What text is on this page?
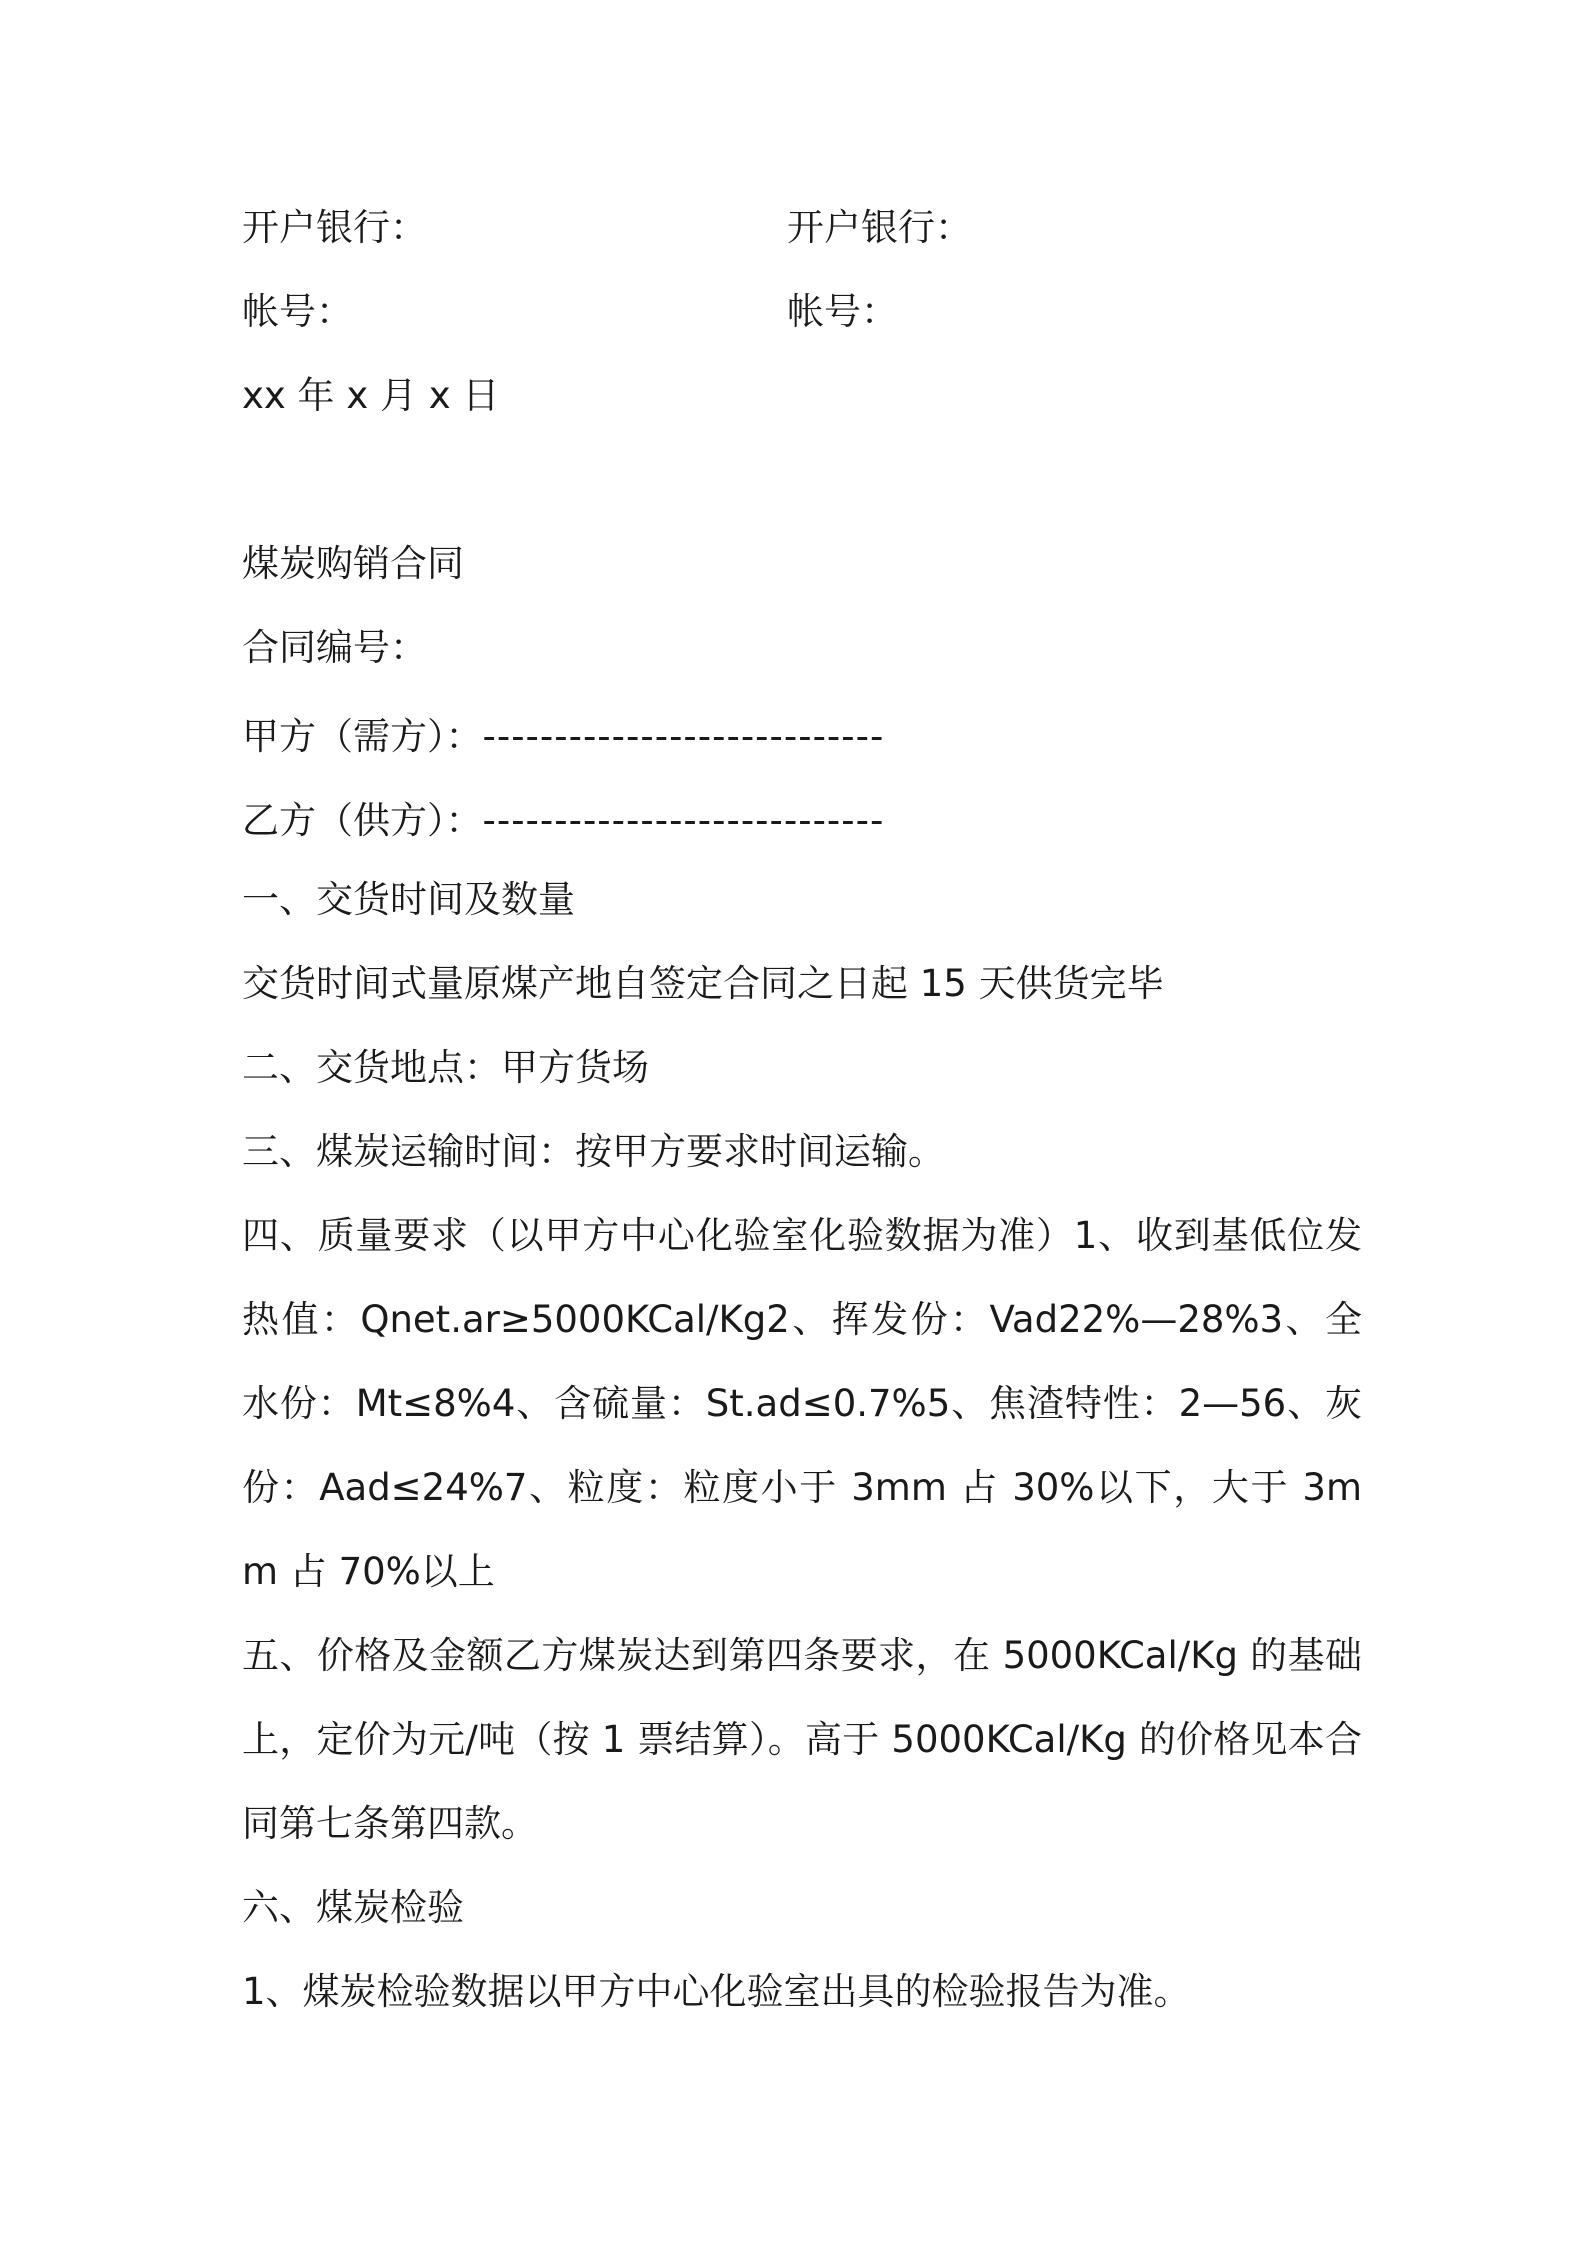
开户银行：	开户银行：
帐号：	帐号：
xx 年 x 月 x 日
煤炭购销合同
合同编号：
甲方（需方）：----------------------------
乙方（供方）：----------------------------
一、交货时间及数量
交货时间式量原煤产地自签定合同之日起 15 天供货完毕
二、交货地点：甲方货场
三、煤炭运输时间：按甲方要求时间运输。
四、质量要求（以甲方中心化验室化验数据为准）1、收到基低位发热值：Qnet.ar≥5000KCal/Kg2、挥发份：Vad22%—28%3、全水份：Mt≤8%4、含硫量：St.ad≤0.7%5、焦渣特性：2—56、灰份：Aad≤24%7、粒度：粒度小于 3mm 占 30%以下，大于 3mm 占 70%以上
五、价格及金额乙方煤炭达到第四条要求，在 5000KCal/Kg 的基础上，定价为元/吨（按 1 票结算）。高于 5000KCal/Kg 的价格见本合同第七条第四款。
六、煤炭检验
1、煤炭检验数据以甲方中心化验室出具的检验报告为准。
